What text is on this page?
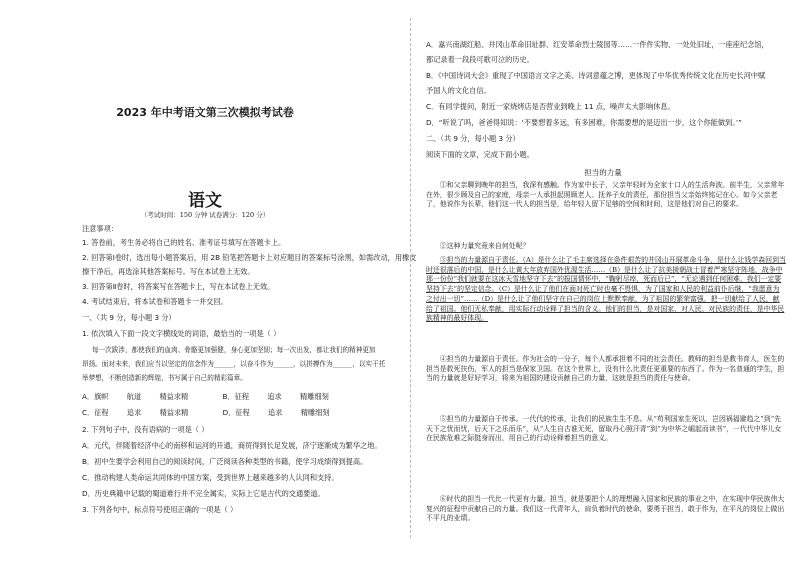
2023 年中考语文第三次模拟考试卷
语文
（考试时间：150 分钟 试卷满分：120 分）
注意事项：
1. 答卷前，考生务必将自己的姓名、准考证号填写在答题卡上。
2. 回答第Ⅰ卷时，选出每小题答案后，用 2B 铅笔把答题卡上对应题目的答案标号涂黑，如需改动，用橡皮
擦干净后，再选涂其他答案标号。写在本试卷上无效。
3. 回答第Ⅱ卷时，将答案写在答题卡上，写在本试卷上无效。
4. 考试结束后，将本试卷和答题卡一并交回。
一、（共 9 分，每小题 3 分）
1. 依次填入下面一段文字横线处的词语，最恰当的一项是（ ）
每一次跋涉，都使我们的血肉、骨骼更加强健，身心更加坚韧；每一次出发，都让我们的精神更加
昂扬。面对未来，我们应当以坚定的信念作为______，以奋斗作为______，以拼搏作为______，以实干托
举梦想，不断创造新的辉煌，书写属于自己的精彩篇章。
A．旗帜	航道	精益求精	B．征程	追求	精雕细刻
C．征程	追求	精益求精	D．征程	追求	精雕细刻
2. 下列句子中，没有语病的一项是（ ）
A．元代，伴随着经济中心的南移和运河的开通，商贸得到长足发展，济宁逐渐成为繁华之地。
B．初中生要学会利用自己的阅读时间，广泛阅读各种类型的书籍，使学习成绩得到提高。
C．推动构建人类命运共同体的中国方案，受到世界上越来越多的人认同和支持。
D．历史典籍中记载的蜀道难行并不完全属实，实际上它是古代的交通要道。
3. 下列各句中，标点符号使用正确的一项是（ ）
A．嘉兴南湖红船、井冈山革命旧址群、红安革命烈士陵园等……一件件实物、一处处旧址，一座座纪念馆，
都记录着一段段可歌可泣的历史。
B．《中国诗词大会》重现了中国语言文字之美、诗词意蕴之博，更体现了中华优秀传统文化在历史长河中赋
予国人的文化自信。
C．有同学提问，附近一家烧烤店是否营业到晚上 11 点，噪声太大影响休息。
D．“听说了吗，爸爸得知说：‘不要想着多远，有多困难，你需要想的是迈出一步，这个你能做到。’”
二、（共 9 分，每小题 3 分）
阅读下面的文章，完成下面小题。
担当的力量
①和父亲聊到晚年的担当，我深有感触。作为家中长子，父亲年轻时为全家十口人的生活奔波。前半生，父亲常年在外，很少顾及自己的家庭，母亲一人承担起照顾老人、抚养子女的责任，那份担当父亲始终铭记在心。如今父亲老了，他说作为长辈，他们这一代人的担当是，给年轻人留下足够的空间和时间，这是他们对自己的要求。
②这种力量究竟来自何处呢？
③担当的力量源自于责任。（A）是什么让了毛主席选择在条件艰苦的井冈山开展革命斗争，是什么让钱学森回到当时还很落后的中国，是什么让黄大年放弃国外优渥生活……（B）是什么让了抗美援朝战士冒着严寒坚守阵地，战争中那一份份“我们就要在这冰天雪地坚守下去”的报国情怀中，“鞠躬尽瘁，死而后已”，“无论遇到任何困难，我们一定要坚持下去”的坚定信念。（C）是什么让了他们在面对死亡时也毫不畏惧，为了国家和人民的利益前仆后继，“我愿意为之付出一切”……（D）是什么让了他们坚守在自己的岗位上默默奉献，为了祖国的繁荣富强，把一切献给了人民，献给了祖国。他们无私奉献，用实际行动诠释了担当的含义。他们的担当，是对国家、对人民、对民族的责任，是中华民族精神的最好体现。
④担当的力量源自于责任。作为社会的一分子，每个人都承担着不同的社会责任。教师的担当是教书育人，医生的担当是救死扶伤，军人的担当是保家卫国。在这个世界上，没有什么比责任更重要的东西了。作为一名普通的学生，担当的力量就是好好学习，将来为祖国的建设贡献自己的力量，这就是担当的责任与使命。
⑤担当的力量源自于传承。一代代的传承，让我们的民族生生不息。从“苟利国家生死以，岂因祸福避趋之”到“先天下之忧而忧，后天下之乐而乐”，从“人生自古谁无死，留取丹心照汗青”到“为中华之崛起而读书”，一代代中华儿女在民族危难之际挺身而出，用自己的行动诠释着担当的意义。
⑥时代的担当一代比一代更有力量。担当，就是要把个人的理想融入国家和民族的事业之中，在实现中华民族伟大复兴的征程中贡献自己的力量。我们这一代青年人，肩负着时代的使命，要勇于担当，敢于作为，在平凡的岗位上做出不平凡的业绩。
